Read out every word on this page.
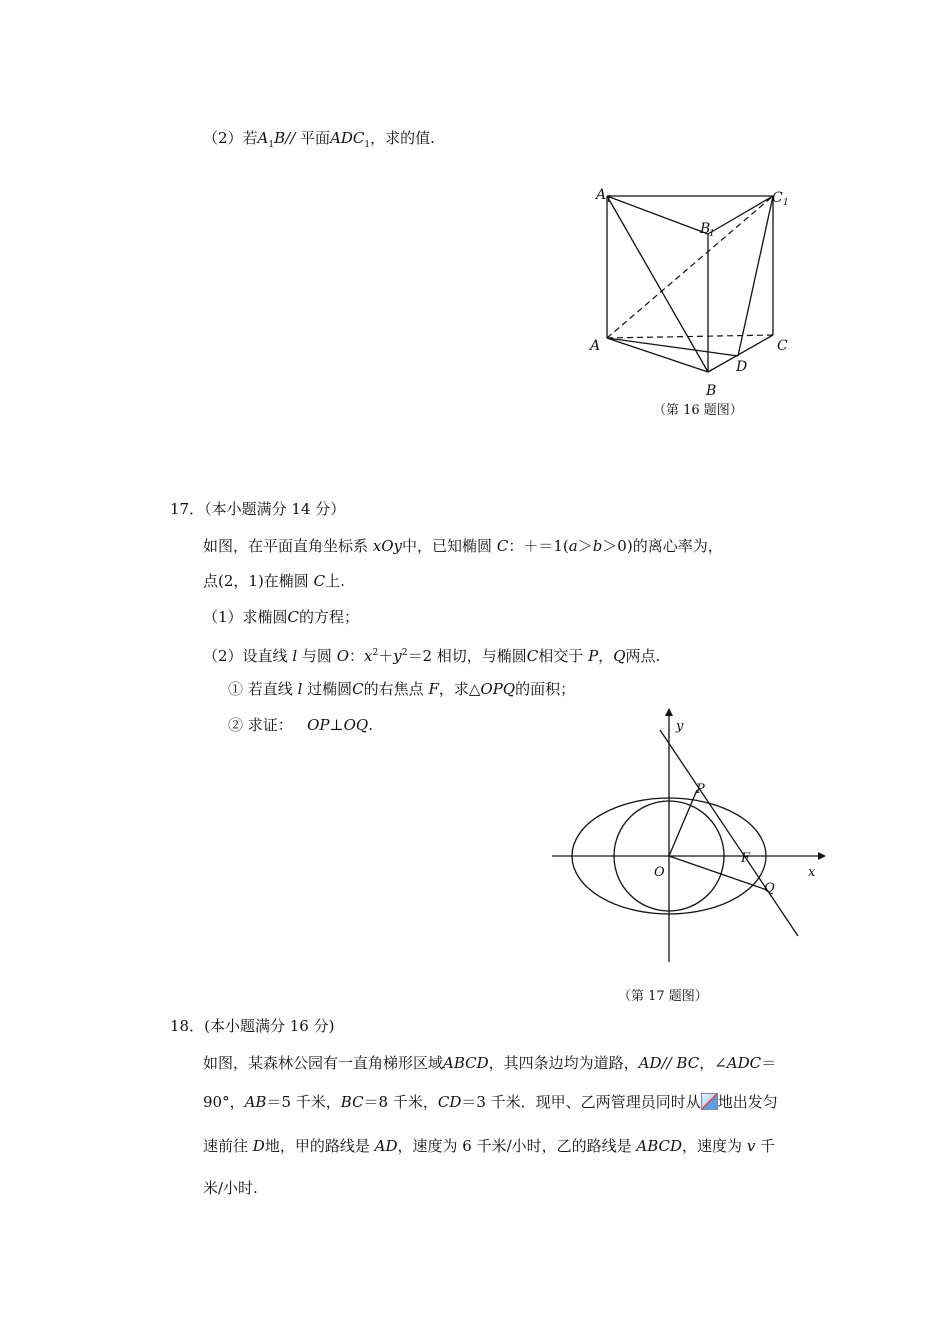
（2）若$A_1B//$ 平面$ADC_1$，求的值.
A 1	C 1
B
1
A	C
D
B
（第 16 题图）
17．（本小题满分 14 分）
如图，在平面直角坐标系 xOy中，已知椭圆 C：＋＝1(a＞b＞0)的离心率为，
点(2，1)在椭圆 C上.
（1）求椭圆C的方程；
（2）设直线 l 与圆 O：$x^2+y^2=2$ 相切，与椭圆C相交于 P，Q两点.
① 若直线 l 过椭圆C的右焦点 F，求△OPQ的面积；
② 求证： OP⊥OQ.	y
x
O
P
F
Q
（第 17 题图）
18．(本小题满分 16 分)
如图，某森林公园有一直角梯形区域ABCD，其四条边均为道路，AD// BC，∠ADC＝
90°，AB＝5 千米，BC＝8 千米，CD＝3 千米．现甲、乙两管理员同时从 地出发匀
速前往 D地，甲的路线是 AD，速度为 6 千米/小时，乙的路线是 ABCD，速度为 v 千
米/小时.
